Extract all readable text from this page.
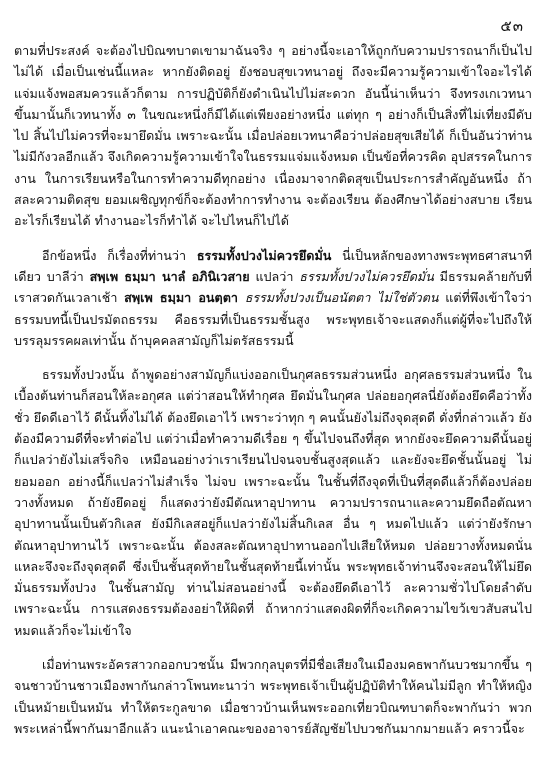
๕๓

ตามที่ประสงค์ จะต้องไปบิณฑบาตเขามาฉันจริง ๆ อย่างนี้จะเอาให้ถูกกับความปรารถนาก็เป็นไปไม่ได้ เมื่อเป็นเช่นนี้แหละ หากยังติดอยู่ ยังชอบสุขเวทนาอยู่ ถึงจะมีความรู้ความเข้าใจอะไรได้แจ่มแจ้งพอสมควรแล้วก็ตาม การปฏิบัติก็ยังดำเนินไปไม่สะดวก อันนี้น่าเห็นว่า จึงทรงเกเวทนาขึ้นมานั้นก็เวทนาทั้ง ๓ ในขณะหนึ่งก็มีได้แต่เพียงอย่างหนึ่ง แต่ทุก ๆ อย่างก็เป็นสิ่งที่ไม่เที่ยงมีดับไป สิ้นไปไม่ควรที่จะมายึดมั่น เพราะฉะนั้น เมื่อปล่อยเวทนาคือว่าปล่อยสุขเสียได้ ก็เป็นอันว่าท่านไม่มีกังวลอีกแล้ว จึงเกิดความรู้ความเข้าใจในธรรมแจ่มแจ้งหมด เป็นข้อที่ควรคิด อุปสรรคในการงาน ในการเรียนหรือในการทำความดีทุกอย่าง เนื่องมาจากติดสุขเป็นประการสำคัญอันหนึ่ง ถ้าสละความติดสุข ยอมเผชิญทุกข์ก็จะต้องทำการทำงาน จะต้องเรียน ต้องศึกษาได้อย่างสบาย เรียนอะไรก็เรียนได้ ทำงานอะไรก็ทำได้ จะไปไหนก็ไปได้

อีกข้อหนึ่ง ก็เรื่องที่ท่านว่า ธรรมทั้งปวงไม่ควรยึดมั่น นี่เป็นหลักของทางพระพุทธศาสนาทีเดียว บาลีว่า สพฺเพ ธมฺมา นาลํ อภินิเวสาย แปลว่า ธรรมทั้งปวงไม่ควรยึดมั่น มีธรรมคล้ายกับที่เราสวดกันเวลาเช้า สพฺเพ ธมฺมา อนตฺตา ธรรมทั้งปวงเป็นอนัตตา ไม่ใช่ตัวตน แต่ที่พึงเข้าใจว่าธรรมบทนี้เป็นปรมัตถธรรม คือธรรมที่เป็นธรรมชั้นสูง พระพุทธเจ้าจะแสดงก็แต่ผู้ที่จะไปถึงให้บรรลุมรรคผลเท่านั้น ถ้าบุคคลสามัญก็ไม่ตรัสธรรมนี้

ธรรมทั้งปวงนั้น ถ้าพูดอย่างสามัญก็แบ่งออกเป็นกุศลธรรมส่วนหนึ่ง อกุศลธรรมส่วนหนึ่ง ในเบื้องต้นท่านก็สอนให้ละอกุศล แต่ว่าสอนให้ทำกุศล ยึดมั่นในกุศล ปล่อยอกุศลนี่ยังต้องยึดคือว่าทั้งชั่ว ยึดดีเอาไว้ ดีนั้นทิ้งไม่ได้ ต้องยึดเอาไว้ เพราะว่าทุก ๆ คนนั้นยังไม่ถึงจุดสุดดี ดั่งที่กล่าวแล้ว ยังต้องมีความดีที่จะทำต่อไป แต่ว่าเมื่อทำความดีเรื่อย ๆ ขึ้นไปจนถึงที่สุด หากยังจะยึดความดีนั้นอยู่ ก็แปลว่ายังไม่เสร็จกิจ เหมือนอย่างว่าเราเรียนไปจนจบชั้นสูงสุดแล้ว และยังจะยึดชั้นนั้นอยู่ ไม่ยอมออก อย่างนี้ก็แปลว่าไม่สำเร็จ ไม่จบ เพราะฉะนั้น ในชั้นที่ถึงจุดที่เป็นที่สุดดีแล้วก็ต้องปล่อยวางทั้งหมด ถ้ายังยึดอยู่ ก็แสดงว่ายังมีตัณหาอุปาทาน ความปรารถนาและความยึดถือตัณหาอุปาทานนั้นเป็นตัวกิเลส ยังมีกิเลสอยู่ก็แปลว่ายังไม่สิ้นกิเลส อื่น ๆ หมดไปแล้ว แต่ว่ายังรักษาตัณหาอุปาทานไว้ เพราะฉะนั้น ต้องสละตัณหาอุปาทานออกไปเสียให้หมด ปล่อยวางทั้งหมดนั่นแหละจึงจะถึงจุดสุดดี ซึ่งเป็นชั้นสุดท้ายในชั้นสุดท้ายนี้เท่านั้น พระพุทธเจ้าท่านจึงจะสอนให้ไม่ยึดมั่นธรรมทั้งปวง ในชั้นสามัญ ท่านไม่สอนอย่างนี้ จะต้องยึดดีเอาไว้ ละความชั่วไปโดยลำดับ เพราะฉะนั้น การแสดงธรรมต้องอย่าให้ผิดที่ ถ้าหากว่าแสดงผิดที่ก็จะเกิดความไขว้เขวสับสนไปหมดแล้วก็จะไม่เข้าใจ

เมื่อท่านพระอัครสาวกออกบวชนั้น มีพวกกุลบุตรที่มีชื่อเสียงในเมืองมคธพากันบวชมากขึ้น ๆ จนชาวบ้านชาวเมืองพากันกล่าวโพนทะนาว่า พระพุทธเจ้าเป็นผู้ปฏิบัติทำให้คนไม่มีลูก ทำให้หญิงเป็นหม้ายเป็นหมัน ทำให้ตระกูลขาด เมื่อชาวบ้านเห็นพระออกเที่ยวบิณฑบาตก็จะพากันว่า พวกพระเหล่านี้พากันมาอีกแล้ว แนะนำเอาคณะของอาจารย์สัญชัยไปบวชกันมากมายแล้ว คราวนี้จะ
